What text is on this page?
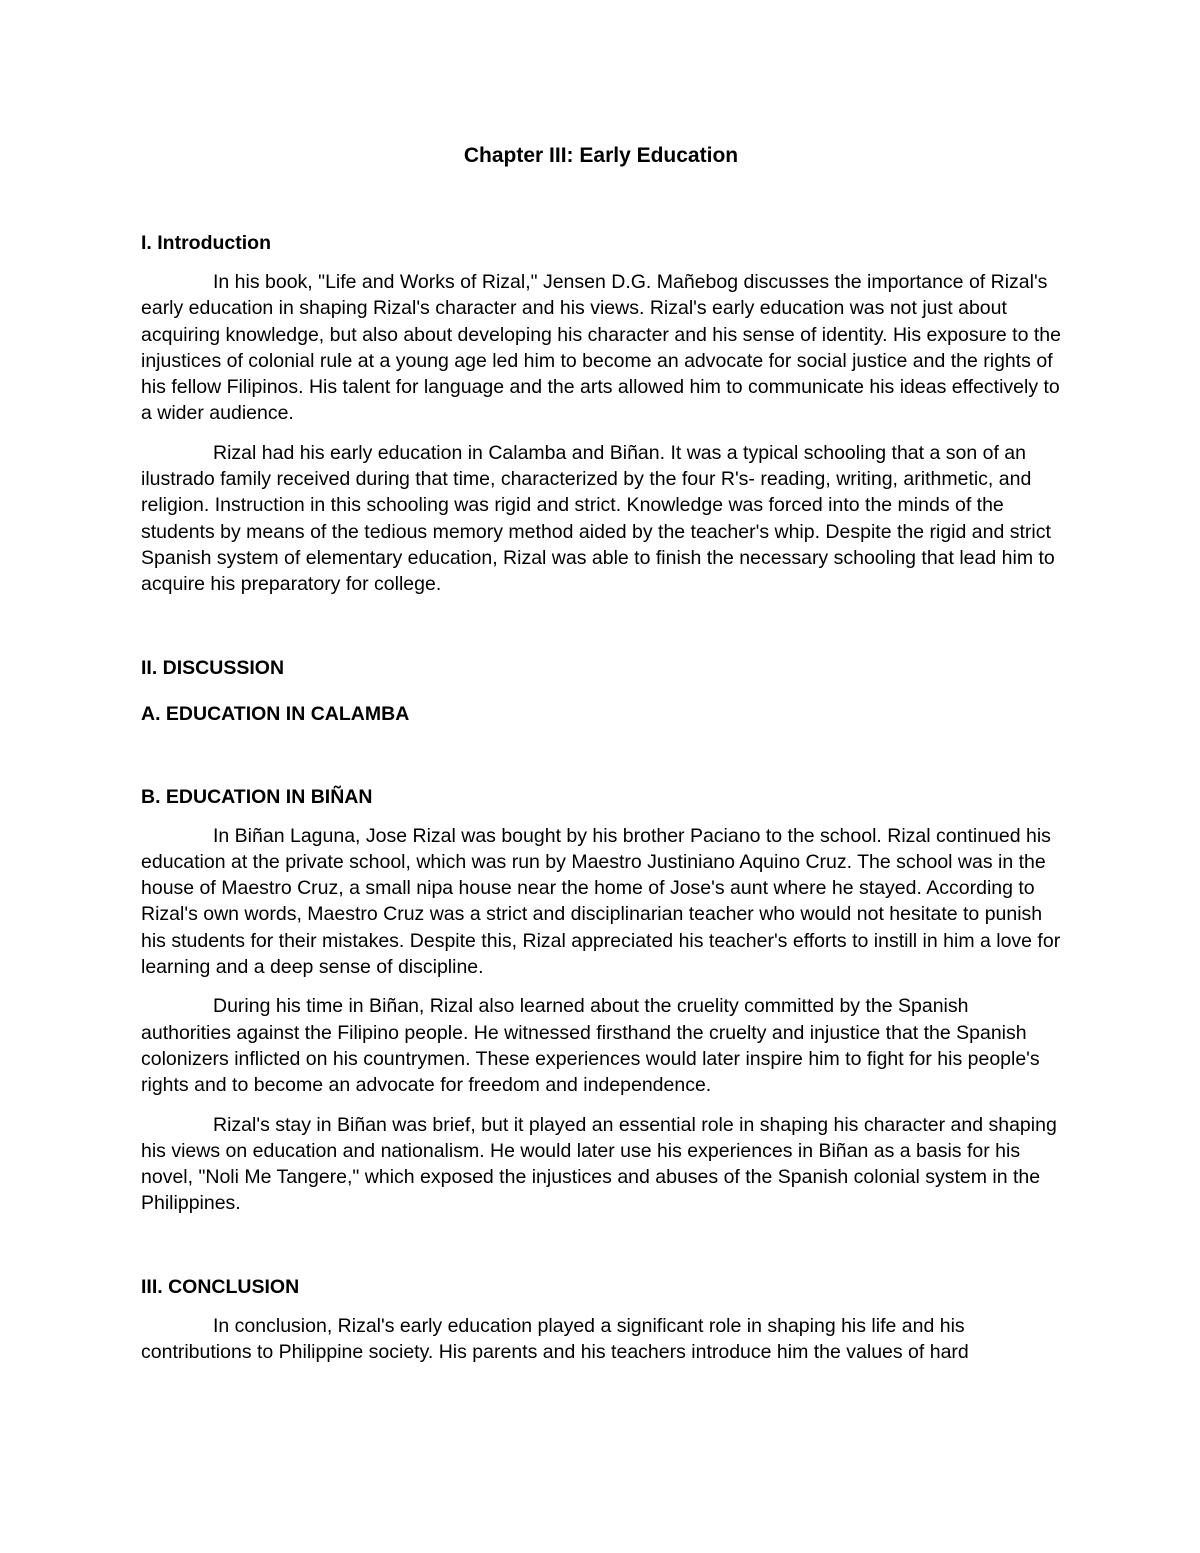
Chapter III: Early Education
I. Introduction

In his book, "Life and Works of Rizal," Jensen D.G. Mañebog discusses the importance of Rizal's early education in shaping Rizal's character and his views. Rizal's early education was not just about acquiring knowledge, but also about developing his character and his sense of identity. His exposure to the injustices of colonial rule at a young age led him to become an advocate for social justice and the rights of his fellow Filipinos. His talent for language and the arts allowed him to communicate his ideas effectively to a wider audience.

Rizal had his early education in Calamba and Biñan. It was a typical schooling that a son of an ilustrado family received during that time, characterized by the four R's- reading, writing, arithmetic, and religion. Instruction in this schooling was rigid and strict. Knowledge was forced into the minds of the students by means of the tedious memory method aided by the teacher's whip. Despite the rigid and strict Spanish system of elementary education, Rizal was able to finish the necessary schooling that lead him to acquire his preparatory for college.

II. DISCUSSION
A. EDUCATION IN CALAMBA
B. EDUCATION IN BIÑAN

In Biñan Laguna, Jose Rizal was bought by his brother Paciano to the school. Rizal continued his education at the private school, which was run by Maestro Justiniano Aquino Cruz. The school was in the house of Maestro Cruz, a small nipa house near the home of Jose's aunt where he stayed. According to Rizal's own words, Maestro Cruz was a strict and disciplinarian teacher who would not hesitate to punish his students for their mistakes. Despite this, Rizal appreciated his teacher's efforts to instill in him a love for learning and a deep sense of discipline.

During his time in Biñan, Rizal also learned about the cruelity committed by the Spanish authorities against the Filipino people. He witnessed firsthand the cruelty and injustice that the Spanish colonizers inflicted on his countrymen. These experiences would later inspire him to fight for his people's rights and to become an advocate for freedom and independence.

Rizal's stay in Biñan was brief, but it played an essential role in shaping his character and shaping his views on education and nationalism. He would later use his experiences in Biñan as a basis for his novel, "Noli Me Tangere," which exposed the injustices and abuses of the Spanish colonial system in the Philippines.

III. CONCLUSION

In conclusion, Rizal's early education played a significant role in shaping his life and his contributions to Philippine society. His parents and his teachers introduce him the values of hard
